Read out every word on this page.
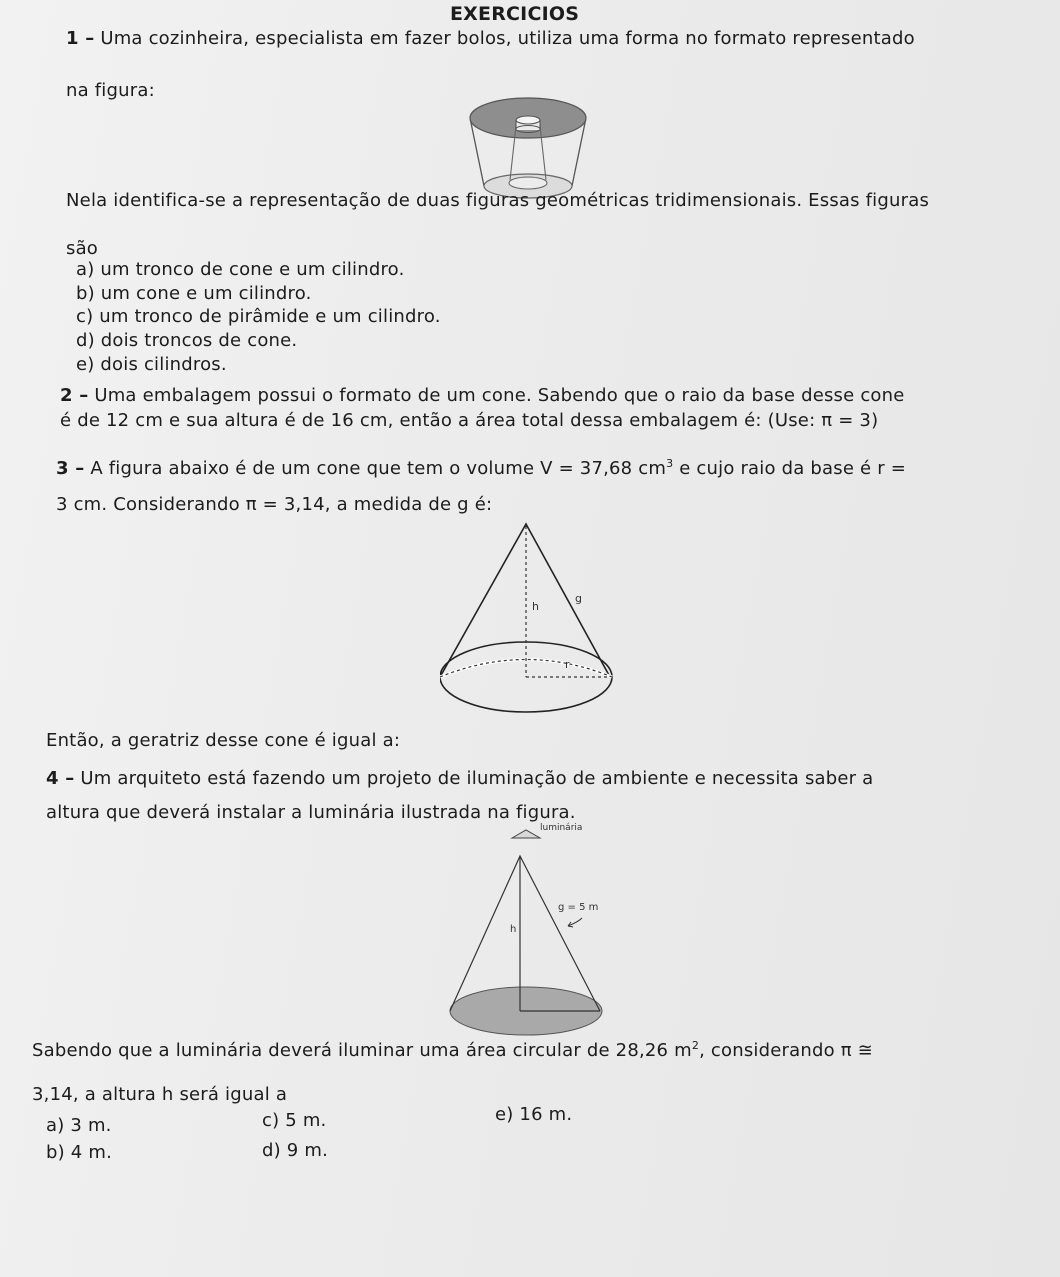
EXERCICIOS
1 – Uma cozinheira, especialista em fazer bolos, utiliza uma forma no formato representado
na figura:
Nela identifica-se a representação de duas figuras geométricas tridimensionais. Essas figuras
são
a) um tronco de cone e um cilindro.
b) um cone e um cilindro.
c) um tronco de pirâmide e um cilindro.
d) dois troncos de cone.
e) dois cilindros.
2 – Uma embalagem possui o formato de um cone. Sabendo que o raio da base desse cone
é de 12 cm e sua altura é de 16 cm, então a área total dessa embalagem é: (Use: π = 3)
3 – A figura abaixo é de um cone que tem o volume V = 37,68 $cm^3$ e cujo raio da base é r =
3 cm. Considerando π = 3,14, a medida de g é:
h
g
r
Então, a geratriz desse cone é igual a:
4 – Um arquiteto está fazendo um projeto de iluminação de ambiente e necessita saber a
altura que deverá instalar a luminária ilustrada na figura.
luminária
g = 5 m
h
Sabendo que a luminária deverá iluminar uma área circular de 28,26 $m^2$, considerando π ≅
3,14, a altura h será igual a
a) 3 m.
b) 4 m.
c) 5 m.
d) 9 m.
e) 16 m.
